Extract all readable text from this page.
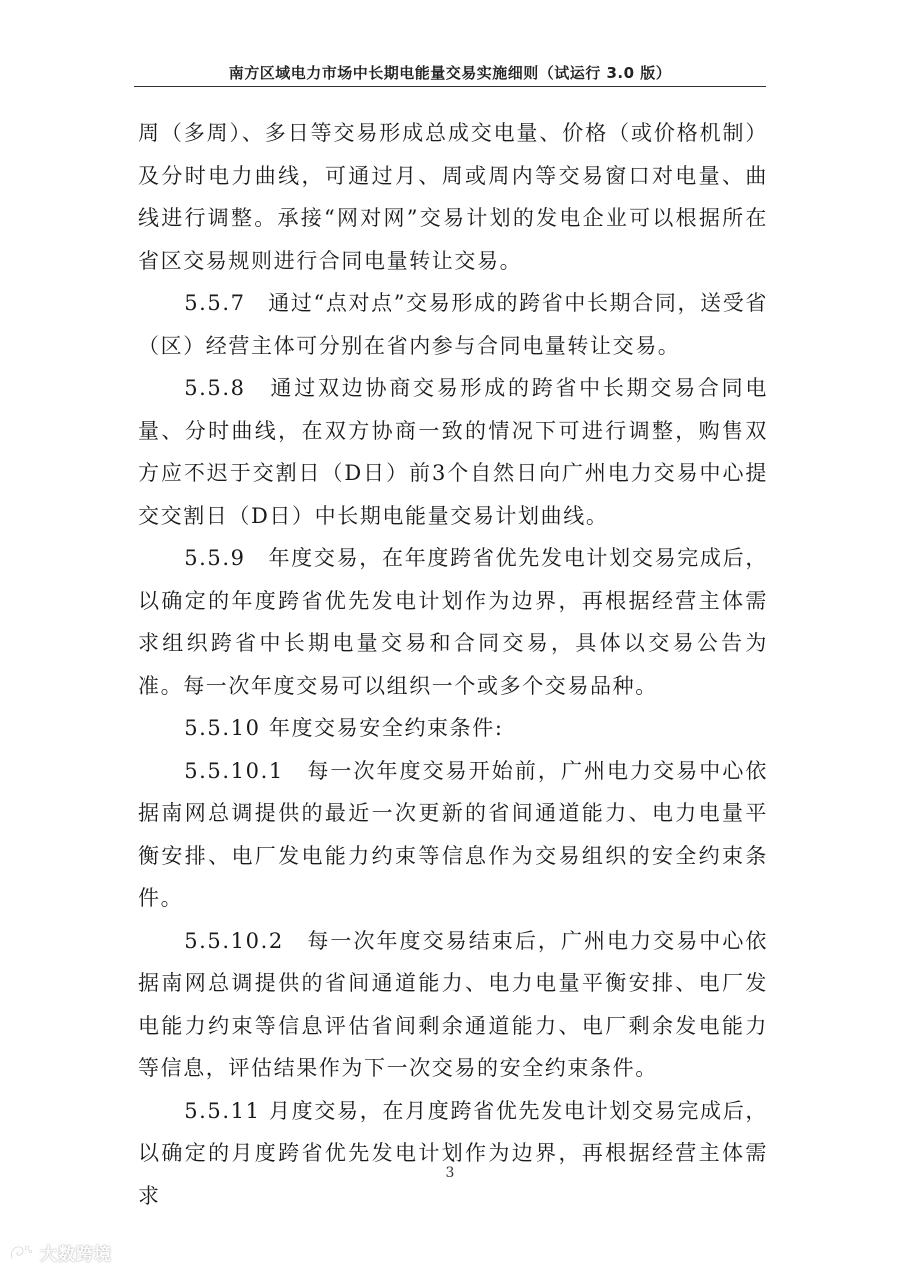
南方区域电力市场中长期电能量交易实施细则（试运行 3.0 版）

周（多周）、多日等交易形成总成交电量、价格（或价格机制）及分时电力曲线，可通过月、周或周内等交易窗口对电量、曲线进行调整。承接“网对网”交易计划的发电企业可以根据所在省区交易规则进行合同电量转让交易。

5.5.7　通过“点对点”交易形成的跨省中长期合同，送受省（区）经营主体可分别在省内参与合同电量转让交易。

5.5.8　通过双边协商交易形成的跨省中长期交易合同电量、分时曲线，在双方协商一致的情况下可进行调整，购售双方应不迟于交割日（D日）前3个自然日向广州电力交易中心提交交割日（D日）中长期电能量交易计划曲线。

5.5.9　年度交易，在年度跨省优先发电计划交易完成后，以确定的年度跨省优先发电计划作为边界，再根据经营主体需求组织跨省中长期电量交易和合同交易，具体以交易公告为准。每一次年度交易可以组织一个或多个交易品种。

5.5.10 年度交易安全约束条件:

5.5.10.1　每一次年度交易开始前，广州电力交易中心依据南网总调提供的最近一次更新的省间通道能力、电力电量平衡安排、电厂发电能力约束等信息作为交易组织的安全约束条件。

5.5.10.2　每一次年度交易结束后，广州电力交易中心依据南网总调提供的省间通道能力、电力电量平衡安排、电厂发电能力约束等信息评估省间剩余通道能力、电厂剩余发电能力等信息，评估结果作为下一次交易的安全约束条件。

5.5.11 月度交易，在月度跨省优先发电计划交易完成后，以确定的月度跨省优先发电计划作为边界，再根据经营主体需求

3
大数跨境
